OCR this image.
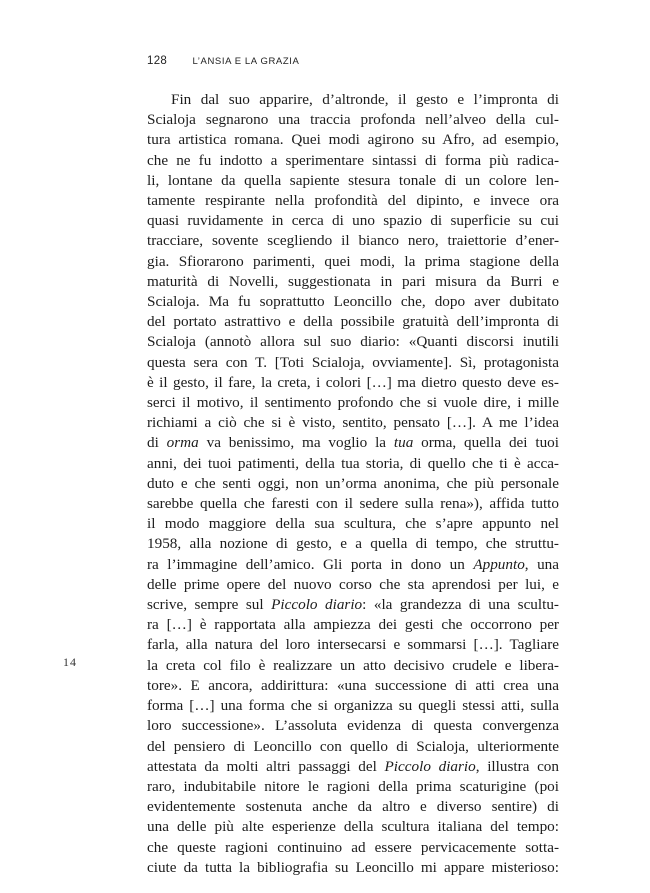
128	L’ANSIA E LA GRAZIA
14
Fin dal suo apparire, d’altronde, il gesto e l’impronta di
Scialoja segnarono una traccia profonda nell’alveo della cul-
tura artistica romana. Quei modi agirono su Afro, ad esempio,
che ne fu indotto a sperimentare sintassi di forma più radica-
li, lontane da quella sapiente stesura tonale di un colore len-
tamente respirante nella profondità del dipinto, e invece ora
quasi ruvidamente in cerca di uno spazio di superficie su cui
tracciare, sovente scegliendo il bianco nero, traiettorie d’ener-
gia. Sfiorarono parimenti, quei modi, la prima stagione della
maturità di Novelli, suggestionata in pari misura da Burri e
Scialoja. Ma fu soprattutto Leoncillo che, dopo aver dubitato
del portato astrattivo e della possibile gratuità dell’impronta di
Scialoja (annotò allora sul suo diario: «Quanti discorsi inutili
questa sera con T. [Toti Scialoja, ovviamente]. Sì, protagonista
è il gesto, il fare, la creta, i colori […] ma dietro questo deve es-
serci il motivo, il sentimento profondo che si vuole dire, i mille
richiami a ciò che si è visto, sentito, pensato […]. A me l’idea
di orma va benissimo, ma voglio la tua orma, quella dei tuoi
anni, dei tuoi patimenti, della tua storia, di quello che ti è acca-
duto e che senti oggi, non un’orma anonima, che più personale
sarebbe quella che faresti con il sedere sulla rena»), affida tutto
il modo maggiore della sua scultura, che s’apre appunto nel
1958, alla nozione di gesto, e a quella di tempo, che struttu-
ra l’immagine dell’amico. Gli porta in dono un Appunto, una
delle prime opere del nuovo corso che sta aprendosi per lui, e
scrive, sempre sul Piccolo diario: «la grandezza di una scultu-
ra […] è rapportata alla ampiezza dei gesti che occorrono per
farla, alla natura del loro intersecarsi e sommarsi […]. Tagliare
la creta col filo è realizzare un atto decisivo crudele e libera-
tore». E ancora, addirittura: «una successione di atti crea una
forma […] una forma che si organizza su quegli stessi atti, sulla
loro successione». L’assoluta evidenza di questa convergenza
del pensiero di Leoncillo con quello di Scialoja, ulteriormente
attestata da molti altri passaggi del Piccolo diario, illustra con
raro, indubitabile nitore le ragioni della prima scaturigine (poi
evidentemente sostenuta anche da altro e diverso sentire) di
una delle più alte esperienze della scultura italiana del tempo:
che queste ragioni continuino ad essere pervicacemente sotta-
ciute da tutta la bibliografia su Leoncillo mi appare misterioso:
